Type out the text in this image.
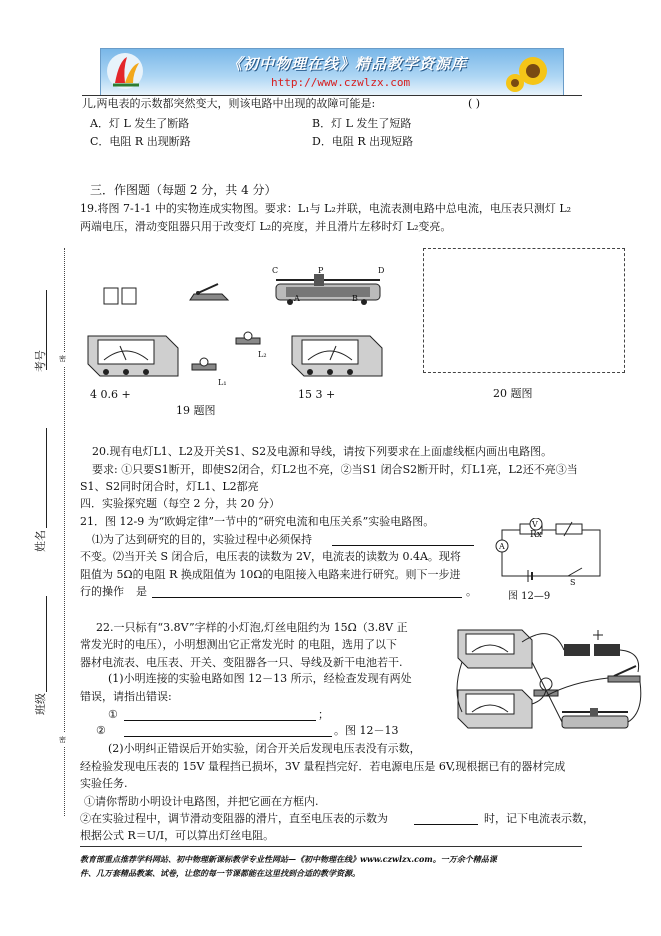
《初中物理在线》精品教学资源库
http://www.czwlzx.com
儿,两电表的示数都突然变大，则该电路中出现的故障可能是:	( )
A．灯 L 发生了断路	B．灯 L 发生了短路
C．电阻 R 出现断路	D．电阻 R 出现短路
三．作图题（每题 2 分，共 4 分）
19.将图 7-1-1 中的实物连成实物图。要求：L₁与 L₂并联，电流表测电路中总电流，电压表只测灯 L₂
两端电压，滑动变阻器只用于改变灯 L₂的亮度，并且滑片左移时灯 L₂变亮。
C	P	D
A	B
L₂
L₁
4 0.6 +	15 3 +
19 题图
20 题图
20.现有电灯L1、L2及开关S1、S2及电源和导线，请按下列要求在上面虚线框内画出电路图。
要求: ①只要S1断开，即使S2闭合，灯L2也不亮，②当S1 闭合S2断开时，灯L1亮，L2还不亮③当
S1、S2同时闭合时，灯L1、L2都亮
四．实验探究题（每空 2 分，共 20 分）
21．图 12-9 为“欧姆定律”一节中的“研究电流和电压关系”实验电路图。
⑴为了达到研究的目的，实验过程中必须保持
不变。⑵当开关 S 闭合后，电压表的读数为 2V，电流表的读数为 0.4A。现将
阻值为 5Ω的电阻 R 换成阻值为 10Ω的电阻接入电路来进行研究。则下一步进
行的操作 是	。
V
A
Rx
S
图 12—9
22.一只标有“3.8V”字样的小灯泡,灯丝电阻约为 15Ω（3.8V 正
常发光时的电压），小明想测出它正常发光时 的电阻，选用了以下
器材电流表、电压表、开关、变阻器各一只、导线及新干电池若干.
(1)小明连接的实验电路如图 12－13 所示，经检查发现有两处
错误，请指出错误:
①	；
②	。图 12－13
(2)小明纠正错误后开始实验，闭合开关后发现电压表没有示数，
经检验发现电压表的 15V 量程挡已损坏，3V 量程挡完好．若电源电压是 6V,现根据已有的器材完成
实验任务.
①请你帮助小明设计电路图，并把它画在方框内.
②在实验过程中，调节滑动变阻器的滑片，直至电压表的示数为	时，记下电流表示数，
根据公式 R＝U/I，可以算出灯丝电阻。
考号
姓名
班级
密
密
教育部重点推荐学科网站、初中物理新课标教学专业性网站—《初中物理在线》www.czwlzx.com。一万余个精品课
件、几万套精品教案、试卷，让您的每一节课都能在这里找到合适的教学资源。
